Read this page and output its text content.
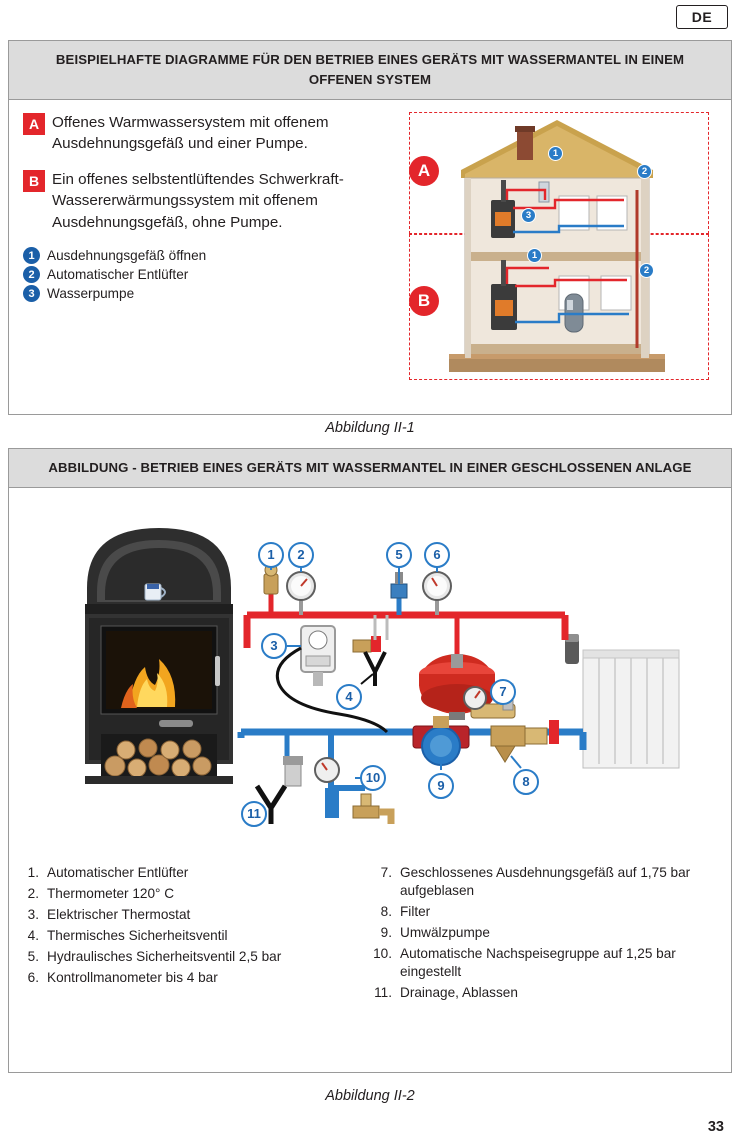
DE
BEISPIELHAFTE DIAGRAMME FÜR DEN BETRIEB EINES GERÄTS MIT WASSERMANTEL IN EINEM OFFENEN SYSTEM
A Offenes Warmwassersystem mit offenem Ausdehnungsgefäß und einer Pumpe.
B Ein offenes selbstentlüftendes Schwerkraft-Wassererwärmungssystem mit offenem Ausdehnungsgefäß, ohne Pumpe.
1 Ausdehnungsgefäß öffnen
2 Automatischer Entlüfter
3 Wasserpumpe
A
B
1
2
3
1
2
Abbildung II-1
ABBILDUNG - BETRIEB EINES GERÄTS MIT WASSERMANTEL IN EINER GESCHLOSSENEN ANLAGE
1	2	5	6
3
4	7
8
9
10
11
1. Automatischer Entlüfter
2. Thermometer 120° C
3. Elektrischer Thermostat
4. Thermisches Sicherheitsventil
5. Hydraulisches Sicherheitsventil 2,5 bar
6. Kontrollmanometer bis 4 bar
7. Geschlossenes Ausdehnungsgefäß auf 1,75 bar aufgeblasen
8. Filter
9. Umwälzpumpe
10. Automatische Nachspeisegruppe auf 1,25 bar eingestellt
11. Drainage, Ablassen
Abbildung II-2
33
